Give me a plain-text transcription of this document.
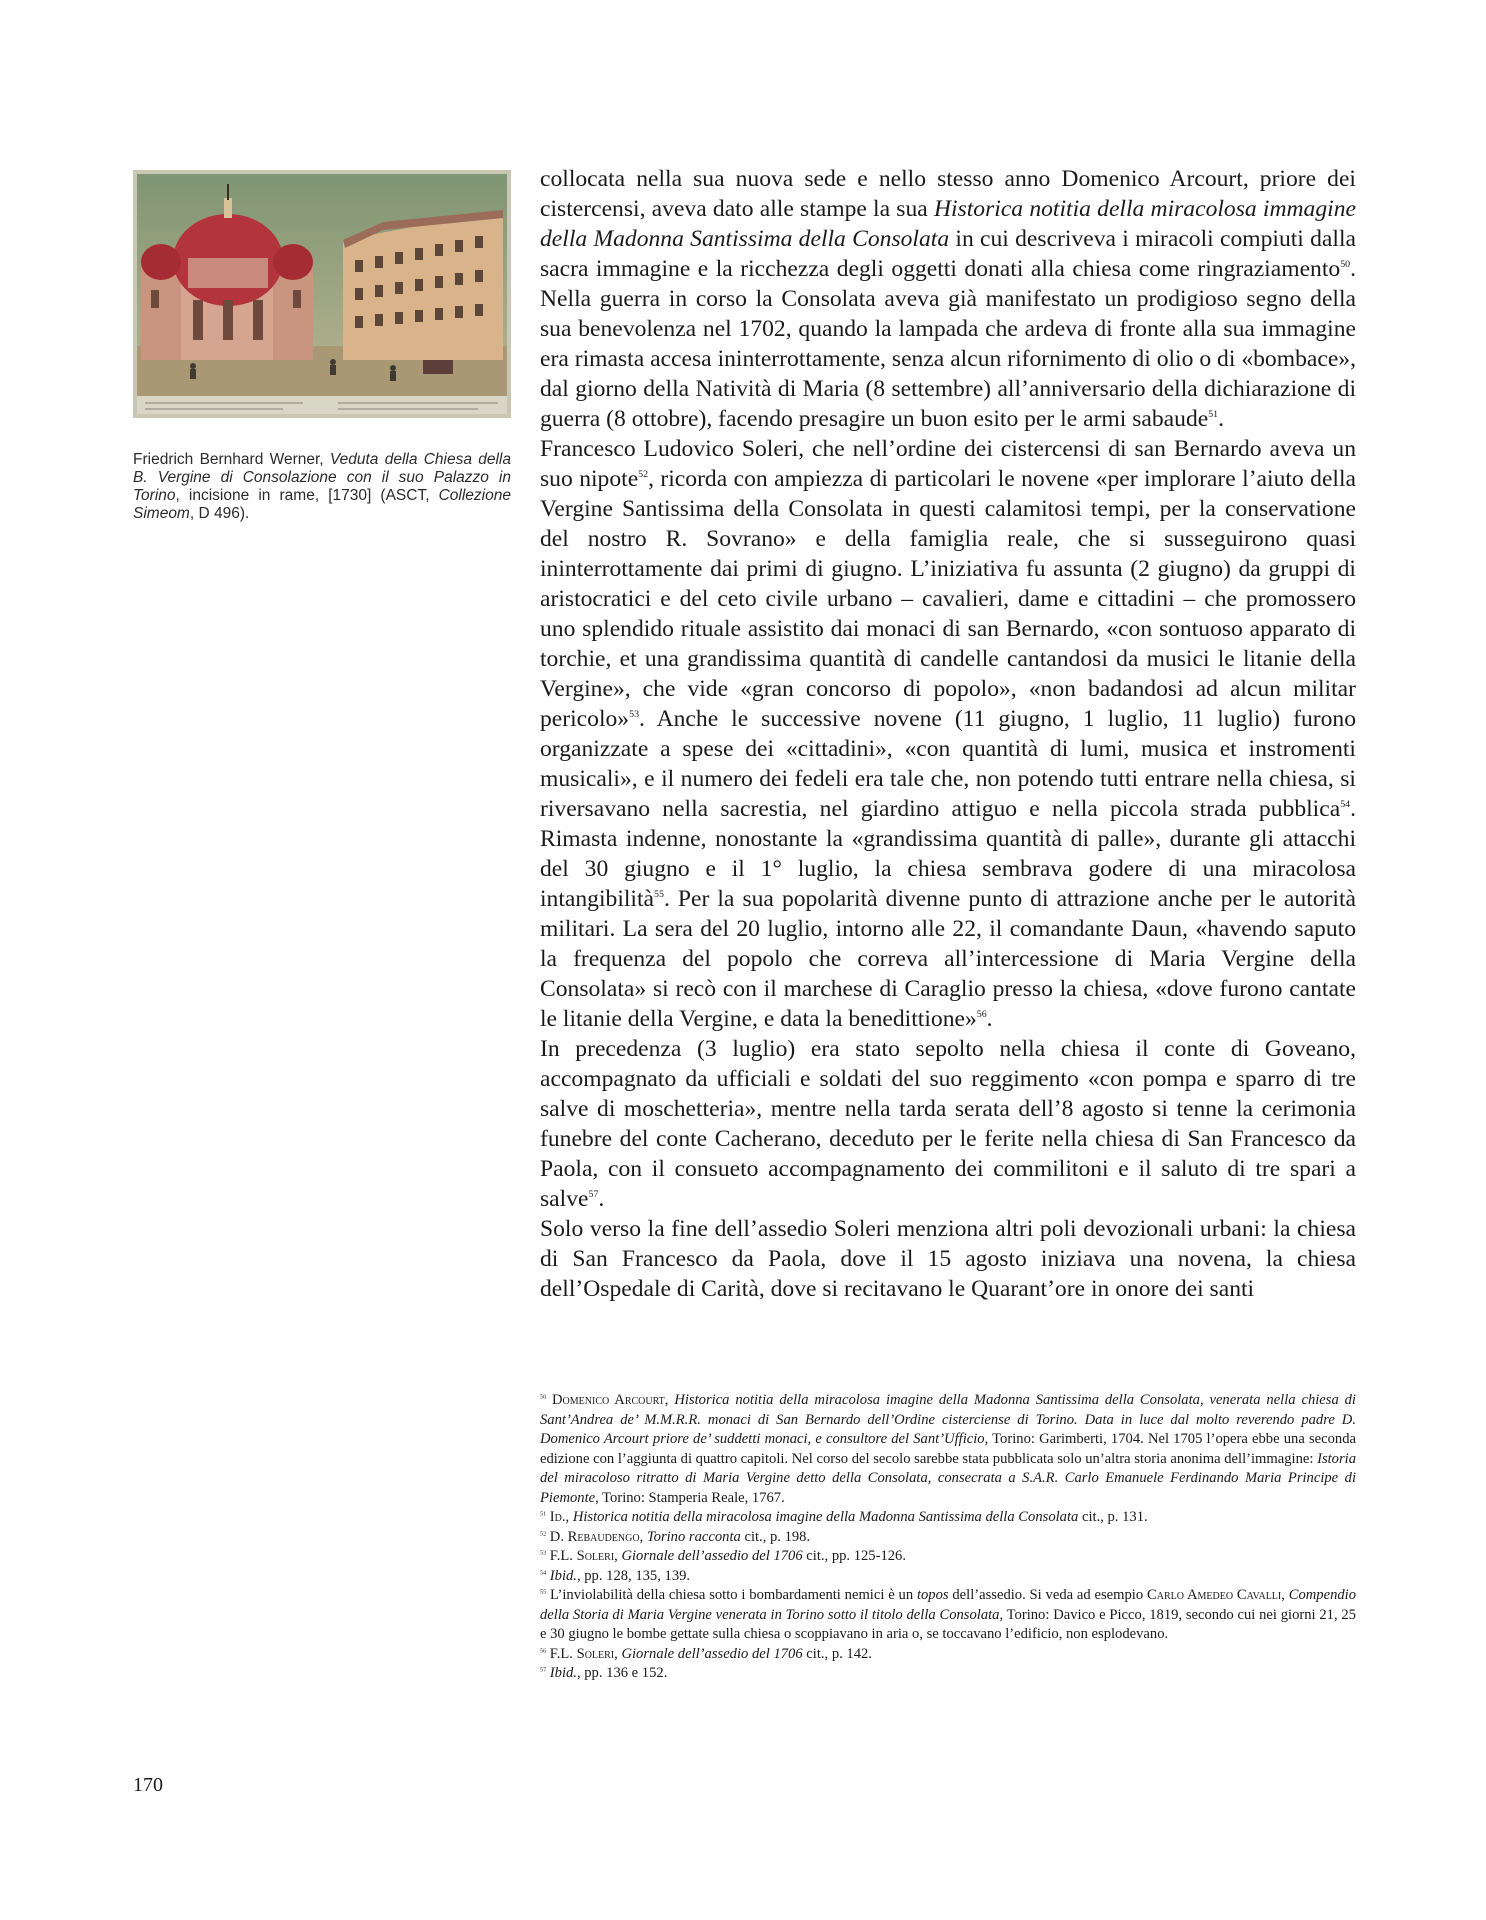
Friedrich Bernhard Werner, Veduta della Chiesa della B. Vergine di Consolazione con il suo Palazzo in Torino, incisione in rame, [1730] (ASCT, Collezione Simeom, D 496).

collocata nella sua nuova sede e nello stesso anno Domenico Arcourt, priore dei cistercensi, aveva dato alle stampe la sua Historica notitia della miracolosa immagine della Madonna Santissima della Consolata in cui descriveva i miracoli compiuti dalla sacra immagine e la ricchezza degli oggetti donati alla chiesa come ringraziamento$^{50}$. Nella guerra in corso la Consolata aveva già manifestato un prodigioso segno della sua benevolenza nel 1702, quando la lampada che ardeva di fronte alla sua immagine era rimasta accesa ininterrottamente, senza alcun rifornimento di olio o di «bombace», dal giorno della Natività di Maria (8 settembre) all’anniversario della dichiarazione di guerra (8 ottobre), facendo presagire un buon esito per le armi sabaude$^{51}$.

Francesco Ludovico Soleri, che nell’ordine dei cistercensi di san Bernardo aveva un suo nipote$^{52}$, ricorda con ampiezza di particolari le novene «per implorare l’aiuto della Vergine Santissima della Consolata in questi calamitosi tempi, per la conservatione del nostro R. Sovrano» e della famiglia reale, che si susseguirono quasi ininterrottamente dai primi di giugno. L’iniziativa fu assunta (2 giugno) da gruppi di aristocratici e del ceto civile urbano – cavalieri, dame e cittadini – che promossero uno splendido rituale assistito dai monaci di san Bernardo, «con sontuoso apparato di torchie, et una grandissima quantità di candelle cantandosi da musici le litanie della Vergine», che vide «gran concorso di popolo», «non badandosi ad alcun militar pericolo»$^{53}$. Anche le successive novene (11 giugno, 1 luglio, 11 luglio) furono organizzate a spese dei «cittadini», «con quantità di lumi, musica et instromenti musicali», e il numero dei fedeli era tale che, non potendo tutti entrare nella chiesa, si riversavano nella sacrestia, nel giardino attiguo e nella piccola strada pubblica$^{54}$. Rimasta indenne, nonostante la «grandissima quantità di palle», durante gli attacchi del 30 giugno e il 1° luglio, la chiesa sembrava godere di una miracolosa intangibilità$^{55}$. Per la sua popolarità divenne punto di attrazione anche per le autorità militari. La sera del 20 luglio, intorno alle 22, il comandante Daun, «havendo saputo la frequenza del popolo che correva all’intercessione di Maria Vergine della Consolata» si recò con il marchese di Caraglio presso la chiesa, «dove furono cantate le litanie della Vergine, e data la benedittione»$^{56}$.

In precedenza (3 luglio) era stato sepolto nella chiesa il conte di Goveano, accompagnato da ufficiali e soldati del suo reggimento «con pompa e sparro di tre salve di moschetteria», mentre nella tarda serata dell’8 agosto si tenne la cerimonia funebre del conte Cacherano, deceduto per le ferite nella chiesa di San Francesco da Paola, con il consueto accompagnamento dei commilitoni e il saluto di tre spari a salve$^{57}$.

Solo verso la fine dell’assedio Soleri menziona altri poli devozionali urbani: la chiesa di San Francesco da Paola, dove il 15 agosto iniziava una novena, la chiesa dell’Ospedale di Carità, dove si recitavano le Quarant’ore in onore dei santi

$^{50}$ Domenico Arcourt, Historica notitia della miracolosa imagine della Madonna Santissima della Consolata, venerata nella chiesa di Sant’Andrea de’ M.M.R.R. monaci di San Bernardo dell’Ordine cisterciense di Torino. Data in luce dal molto reverendo padre D. Domenico Arcourt priore de’ suddetti monaci, e consultore del Sant’Ufficio, Torino: Garimberti, 1704. Nel 1705 l’opera ebbe una seconda edizione con l’aggiunta di quattro capitoli. Nel corso del secolo sarebbe stata pubblicata solo un’altra storia anonima dell’immagine: Istoria del miracoloso ritratto di Maria Vergine detto della Consolata, consecrata a S.A.R. Carlo Emanuele Ferdinando Maria Principe di Piemonte, Torino: Stamperia Reale, 1767.

$^{51}$ Id., Historica notitia della miracolosa imagine della Madonna Santissima della Consolata cit., p. 131.

$^{52}$ D. Rebaudengo, Torino racconta cit., p. 198.

$^{53}$ F.L. Soleri, Giornale dell’assedio del 1706 cit., pp. 125-126.

$^{54}$ Ibid., pp. 128, 135, 139.

$^{55}$ L’inviolabilità della chiesa sotto i bombardamenti nemici è un topos dell’assedio. Si veda ad esempio Carlo Amedeo Cavalli, Compendio della Storia di Maria Vergine venerata in Torino sotto il titolo della Consolata, Torino: Davico e Picco, 1819, secondo cui nei giorni 21, 25 e 30 giugno le bombe gettate sulla chiesa o scoppiavano in aria o, se toccavano l’edificio, non esplodevano.

$^{56}$ F.L. Soleri, Giornale dell’assedio del 1706 cit., p. 142.

$^{57}$ Ibid., pp. 136 e 152.

170
